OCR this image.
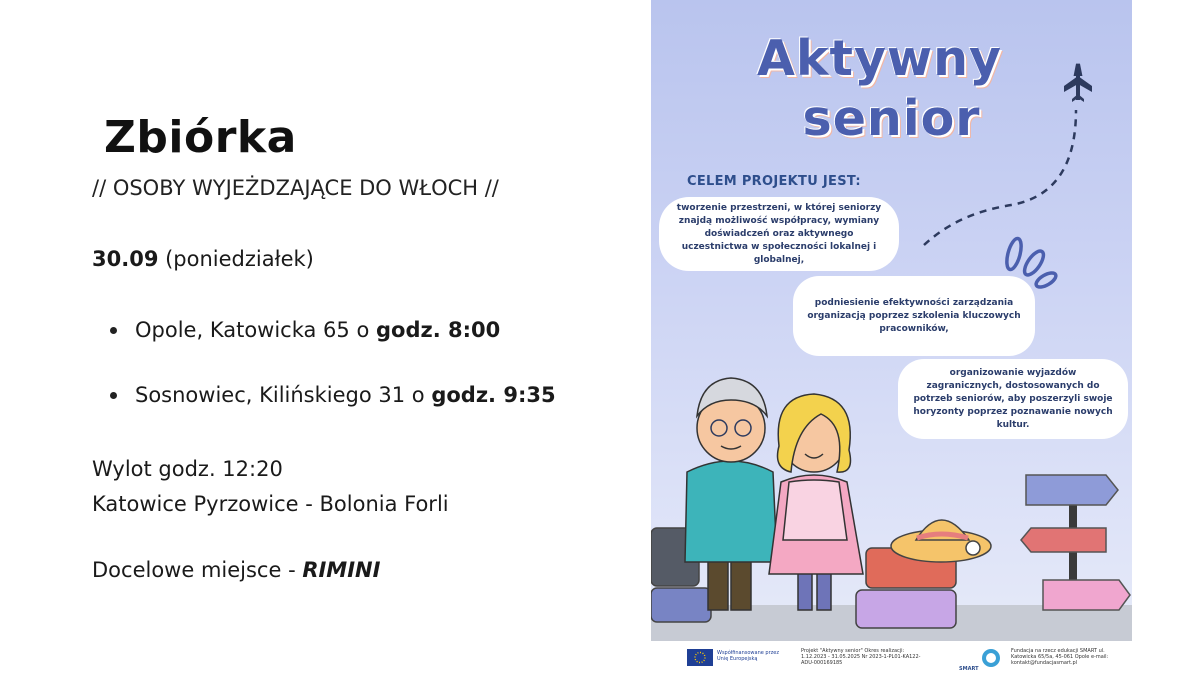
Zbiórka
// OSOBY WYJEŻDZAJĄCE DO WŁOCH //
30.09 (poniedziałek)
Opole, Katowicka 65 o godz. 8:00
Sosnowiec, Kilińskiego 31 o godz. 9:35
Wylot godz. 12:20
Katowice Pyrzowice - Bolonia Forli
Docelowe miejsce - RIMINI
Aktywny
senior
CELEM PROJEKTU JEST:
tworzenie przestrzeni, w której seniorzy znajdą możliwość współpracy, wymiany doświadczeń oraz aktywnego uczestnictwa w społeczności lokalnej i globalnej,
podniesienie efektywności zarządzania organizacją poprzez szkolenia kluczowych pracowników,
organizowanie wyjazdów zagranicznych, dostosowanych do potrzeb seniorów, aby poszerzyli swoje horyzonty poprzez poznawanie nowych kultur.
Współfinansowane przez Unię Europejską
Projekt "Aktywny senior" Okres realizacji: 1.12.2023 - 31.05.2025 Nr 2023-1-PL01-KA122-ADU-000169185
SMART
Fundacja na rzecz edukacji SMART ul. Katowicka 65/5a, 45-061 Opole e-mail: kontakt@fundacjasmart.pl
